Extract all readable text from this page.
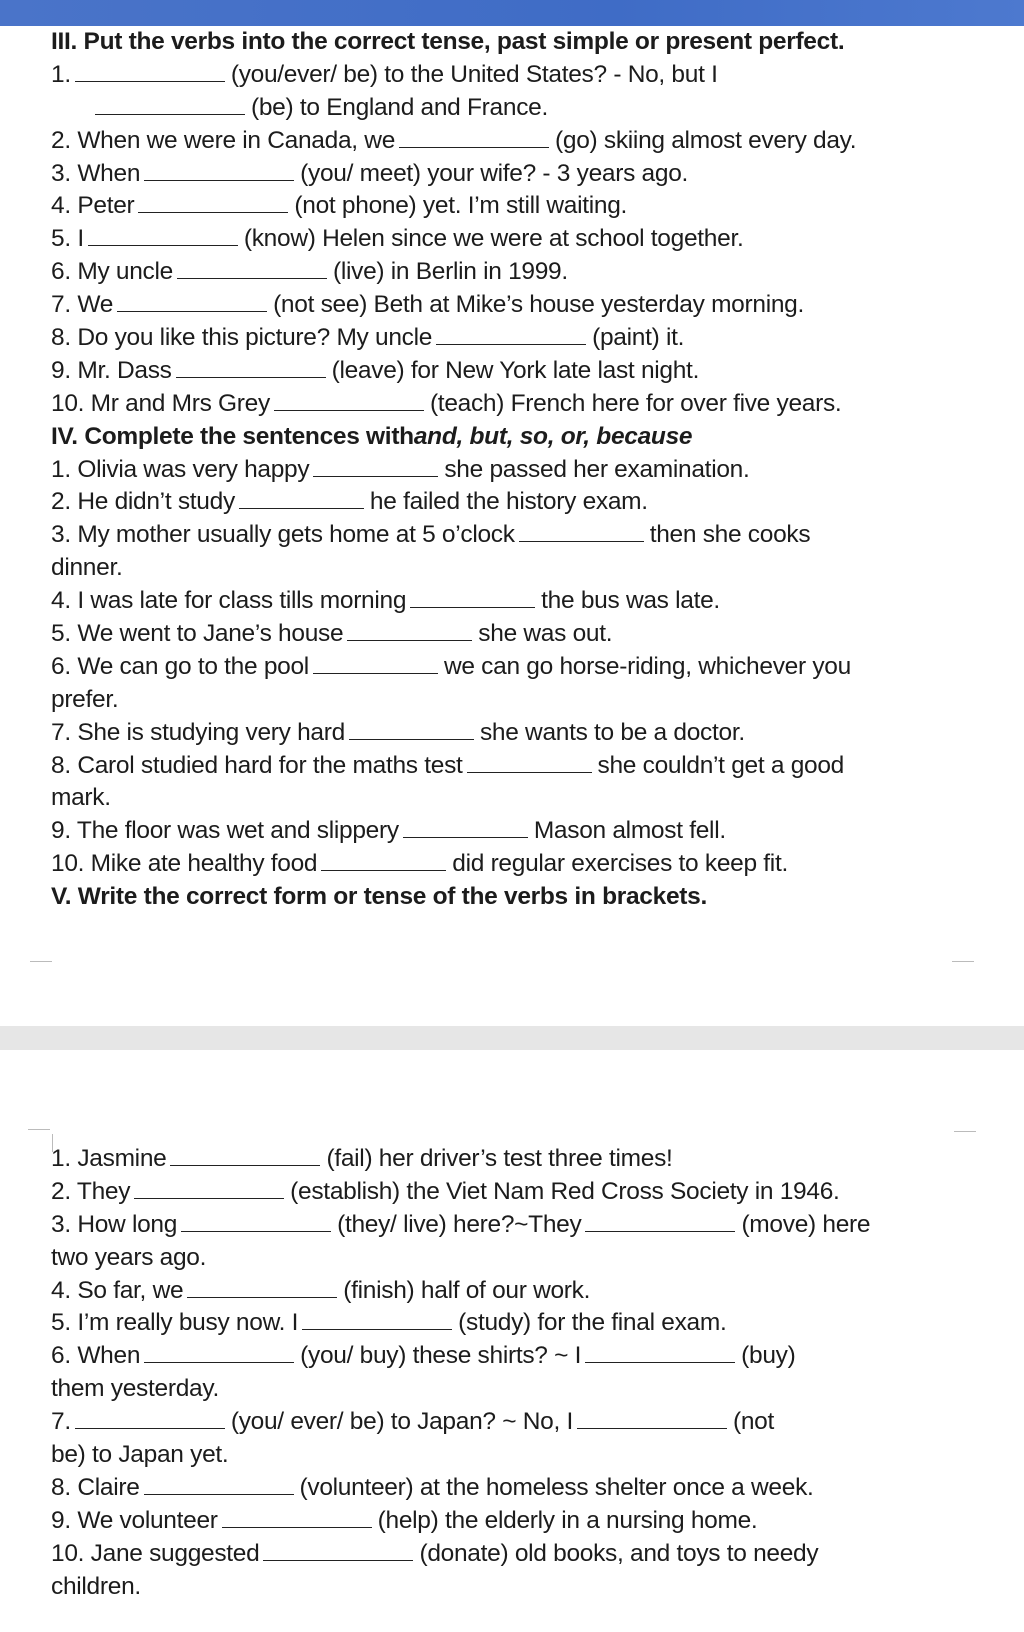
III. Put the verbs into the correct tense, past simple or present perfect.
1.	(you/ever/ be) to the United States? - No, but I
(be) to England and France.
2. When we were in Canada, we	(go) skiing almost every day.
3. When	(you/ meet) your wife? - 3 years ago.
4. Peter	(not phone) yet. I’m still waiting.
5. I	(know) Helen since we were at school together.
6. My uncle	(live) in Berlin in 1999.
7. We	(not see) Beth at Mike’s house yesterday morning.
8. Do you like this picture? My uncle	(paint) it.
9. Mr. Dass	(leave) for New York late last night.
10. Mr and Mrs Grey	(teach) French here for over five years.
IV. Complete the sentences withand, but, so, or, because
1. Olivia was very happy	she passed her examination.
2. He didn’t study	he failed the history exam.
3. My mother usually gets home at 5 o’clock	then she cooks
dinner.
4. I was late for class tills morning	the bus was late.
5. We went to Jane’s house	she was out.
6. We can go to the pool	we can go horse-riding, whichever you
prefer.
7. She is studying very hard	she wants to be a doctor.
8. Carol studied hard for the maths test	she couldn’t get a good
mark.
9. The floor was wet and slippery	Mason almost fell.
10. Mike ate healthy food	did regular exercises to keep fit.
V. Write the correct form or tense of the verbs in brackets.
1. Jasmine	(fail) her driver’s test three times!
2. They	(establish) the Viet Nam Red Cross Society in 1946.
3. How long	(they/ live) here?~They	(move) here
two years ago.
4. So far, we	(finish) half of our work.
5. I’m really busy now. I	(study) for the final exam.
6. When	(you/ buy) these shirts? ~ I	(buy)
them yesterday.
7.	(you/ ever/ be) to Japan? ~ No, I	(not
be) to Japan yet.
8. Claire	(volunteer) at the homeless shelter once a week.
9. We volunteer	(help) the elderly in a nursing home.
10. Jane suggested	(donate) old books, and toys to needy
children.
